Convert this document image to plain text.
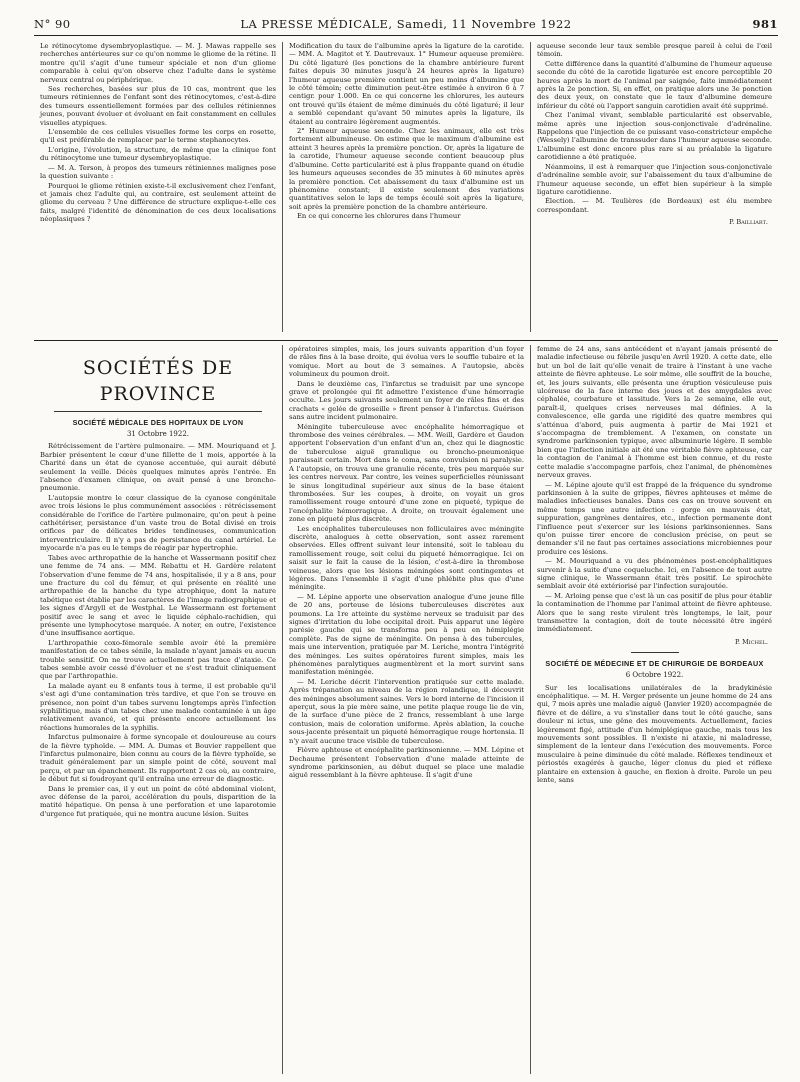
N° 90	LA PRESSE MÉDICALE, Samedi, 11 Novembre 1922	981

Le rétinocytome dysembryoplastique. — M. J. Mawas rappelle ses recherches antérieures sur ce qu'on nomme le gliome de la rétine. Il montre qu'il s'agit d'une tumeur spéciale et non d'un gliome comparable à celui qu'on observe chez l'adulte dans le système nerveux central ou périphérique.

Ses recherches, basées sur plus de 10 cas, montrent que les tumeurs rétiniennes de l'enfant sont des rétinocytomes, c'est-à-dire des tumeurs essentiellement formées par des cellules rétiniennes jeunes, pouvant évoluer et évoluant en fait constamment en cellules visuelles atypiques.

L'ensemble de ces cellules visuelles forme les corps en rosette, qu'il est préférable de remplacer par le terme stephanocytes.

L'origine, l'évolution, la structure, de même que la clinique font du rétinocytome une tumeur dysembryoplastique.

— M. A. Terson, à propos des tumeurs rétiniennes malignes pose la question suivante :

Pourquoi le gliome rétinien existe-t-il exclusivement chez l'enfant, et jamais chez l'adulte qui, au contraire, est seulement atteint de gliome du cerveau ? Une différence de structure explique-t-elle ces faits, malgré l'identité de dénomination de ces deux localisations néoplasiques ?

Modification du taux de l'albumine après la ligature de la carotide. — MM. A. Magitot et Y. Dautrevaux. 1° Humeur aqueuse première. Du côté ligaturé (les ponctions de la chambre antérieure furent faites depuis 30 minutes jusqu'à 24 heures après la ligature) l'humeur aqueuse première contient un peu moins d'albumine que le côté témoin; cette diminution peut-être estimée à environ 6 à 7 centigr. pour 1.000. En ce qui concerne les chlorures, les auteurs ont trouvé qu'ils étaient de même diminués du côté ligaturé; il leur a semblé cependant qu'avant 50 minutes après la ligature, ils étaient au contraire légèrement augmentés.

2° Humeur aqueuse seconde. Chez les animaux, elle est très fortement albumineuse. On estime que le maximum d'albumine est atteint 3 heures après la première ponction. Or, après la ligature de la carotide, l'humeur aqueuse seconde contient beaucoup plus d'albumine. Cette particularité est à plus frappante quand on étudie les humeurs aqueuses secondes de 35 minutes à 60 minutes après la première ponction. Cet abaissement du taux d'albumine est un phénomène constant; il existe seulement des variations quantitatives selon le laps de temps écoulé soit après la ligature, soit après la première ponction de la chambre antérieure.

En ce qui concerne les chlorures dans l'humeur

aqueuse seconde leur taux semble presque pareil à celui de l'œil témoin.

Cette différence dans la quantité d'albumine de l'humeur aqueuse seconde du côté de la carotide ligaturée est encore perceptible 20 heures après la mort de l'animal par saignée, faite immédiatement après la 2e ponction. Si, en effet, on pratique alors une 3e ponction des deux yeux, on constate que le taux d'albumine demeure inférieur du côté où l'apport sanguin carotidien avait été supprimé.

Chez l'animal vivant, semblable particularité est observable, même après une injection sous-conjonctivale d'adrénaline. Rappelons que l'injection de ce puissant vaso-constricteur empêche (Wessely) l'albumine de transsuder dans l'humeur aqueuse seconde. L'albumine est donc encore plus rare si au préalable la ligature carotidienne a été pratiquée.

Néanmoins, il est à remarquer que l'injection sous-conjonctivale d'adrénaline semble avoir, sur l'abaissement du taux d'albumine de l'humeur aqueuse seconde, un effet bien supérieur à la simple ligature carotidienne.

Élection. — M. Teulières (de Bordeaux) est élu membre correspondant.

P. Bailliart.
SOCIÉTÉS DE PROVINCE
SOCIÉTÉ MÉDICALE DES HOPITAUX DE LYON
31 Octobre 1922.

Rétrécissement de l'artère pulmonaire. — MM. Mouriquand et J. Barbier présentent le cœur d'une fillette de 1 mois, apportée à la Charité dans un état de cyanose accentuée, qui aurait débuté seulement la veille. Décès quelques minutes après l'entrée. En l'absence d'examen clinique, on avait pensé à une broncho-pneumonie.

L'autopsie montre le cœur classique de la cyanose congénitale avec trois lésions le plus communément associées : rétrécissement considérable de l'orifice de l'artère pulmonaire, qu'on peut à peine cathétériser, persistance d'un vaste trou de Botal divisé en trois orifices par de délicates brides tendineuses, communication interventriculaire. Il n'y a pas de persistance du canal artériel. Le myocarde n'a pas eu le temps de réagir par hypertrophie.

Tabes avec arthropathie de la hanche et Wassermann positif chez une femme de 74 ans. — MM. Rebattu et H. Gardère relatent l'observation d'une femme de 74 ans, hospitalisée, il y a 8 ans, pour une fracture du col du fémur, et qui présente en réalité une arthropathie de la hanche du type atrophique, dont la nature tabétique est établie par les caractères de l'image radiographique et les signes d'Argyll et de Westphal. Le Wassermann est fortement positif avec le sang et avec le liquide céphalo-rachidien, qui présente une lymphocytose marquée. A noter, en outre, l'existence d'une insuffisance aortique.

L'arthropathie coxo-fémorale semble avoir été la première manifestation de ce tabes sénile, la malade n'ayant jamais eu aucun trouble sensitif. On ne trouve actuellement pas trace d'ataxie. Ce tabes semble avoir cessé d'évoluer et ne s'est traduit cliniquement que par l'arthropathie.

La malade ayant eu 8 enfants tous à terme, il est probable qu'il s'est agi d'une contamination très tardive, et que l'on se trouve en présence, non point d'un tabes survenu longtemps après l'infection syphilitique, mais d'un tabes chez une malade contaminée à un âge relativement avancé, et qui présente encore actuellement les réactions humorales de la syphilis.

Infarctus pulmonaire à forme syncopale et douloureuse au cours de la fièvre typhoïde. — MM. A. Dumas et Bouvier rappellent que l'infarctus pulmonaire, bien connu au cours de la fièvre typhoïde, se traduit généralement par un simple point de côté, souvent mal perçu, et par un épanchement. Ils rapportent 2 cas où, au contraire, le début fut si foudroyant qu'il entraîna une erreur de diagnostic.

Dans le premier cas, il y eut un point de côté abdominal violent, avec défense de la paroi, accélération du pouls, disparition de la matité hépatique. On pensa à une perforation et une laparotomie d'urgence fut pratiquée, qui ne montra aucune lésion. Suites

opératoires simples, mais, les jours suivants apparition d'un foyer de râles fins à la base droite, qui évolua vers le souffle tubaire et la vomique. Mort au bout de 3 semaines. A l'autopsie, abcès volumineux du poumon droit.

Dans le deuxième cas, l'infarctus se traduisit par une syncope grave et prolongée qui fit admettre l'existence d'une hémorragie occulte. Les jours suivants seulement un foyer de râles fins et des crachats « gelée de groseille » firent penser à l'infarctus. Guérison sans autre incident pulmonaire.

Méningite tuberculeuse avec encéphalite hémorragique et thrombose des veines cérébrales. — MM. Weill, Gardère et Gaudon apportent l'observation d'un enfant d'un an, chez qui le diagnostic de tuberculose aiguë granulique ou broncho-pneumonique paraissait certain. Mort dans le coma, sans convulsion ni paralysie. A l'autopsie, on trouva une granulie récente, très peu marquée sur les centres nerveux. Par contre, les veines superficielles réunissant le sinus longitudinal supérieur aux sinus de la base étaient thrombosées. Sur les coupes, à droite, on voyait un gros ramollissement rouge entouré d'une zone en piqueté, typique de l'encéphalite hémorragique. A droite, on trouvait également une zone en piqueté plus discrète.

Les encéphalites tuberculeuses non folliculaires avec méningite discrète, analogues à cette observation, sont assez rarement observées. Elles offrent suivant leur intensité, soit le tableau du ramollissement rouge, soit celui du piqueté hémorragique. Ici on saisit sur le fait la cause de la lésion, c'est-à-dire la thrombose veineuse, alors que les lésions méningées sont contingentes et légères. Dans l'ensemble il s'agit d'une phlébite plus que d'une méningite.

— M. Lépine apporte une observation analogue d'une jeune fille de 20 ans, porteuse de lésions tuberculeuses discrètes aux poumons. La 1re atteinte du système nerveux se traduisit par des signes d'irritation du lobe occipital droit. Puis apparut une légère parésie gauche qui se transforma peu à peu en hémiplégie complète. Pas de signe de méningite. On pensa à des tubercules, mais une intervention, pratiquée par M. Leriche, montra l'intégrité des méninges. Les suites opératoires furent simples, mais les phénomènes paralytiques augmentèrent et la mort survint sans manifestation méningée.

— M. Leriche décrit l'intervention pratiquée sur cette malade. Après trépanation au niveau de la région rolandique, il découvrit des méninges absolument saines. Vers le bord interne de l'incision il aperçut, sous la pie mère saine, une petite plaque rouge lie de vin, de la surface d'une pièce de 2 francs, ressemblant à une large contusion, mais de coloration uniforme. Après ablation, la couche sous-jacente présentait un piqueté hémorragique rouge hortensia. Il n'y avait aucune trace visible de tuberculose.

Fièvre aphteuse et encéphalite parkinsonienne. — MM. Lépine et Dechaume présentent l'observation d'une malade atteinte de syndrome parkinsonien, au début duquel se place une maladie aiguë ressemblant à la fièvre aphteuse. Il s'agit d'une

femme de 24 ans, sans antécédent et n'ayant jamais présenté de maladie infectieuse ou fébrile jusqu'en Avril 1920. A cette date, elle but un bol de lait qu'elle venait de traire à l'instant à une vache atteinte de fièvre aphteuse. Le soir même, elle souffrit de la bouche, et, les jours suivants, elle présenta une éruption vésiculeuse puis ulcéreuse de la face interne des joues et des amygdales avec céphalée, courbature et lassitude. Vers la 2e semaine, elle eut, paraît-il, quelques crises nerveuses mal définies. A la convalescence, elle garda une rigidité des quatre membres qui s'atténua d'abord, puis augmenta à partir de Mai 1921 et s'accompagna de tremblement. A l'examen, on constate un syndrome parkinsonien typique, avec albuminurie légère. Il semble bien que l'infection initiale ait été une véritable fièvre aphteuse, car la contagion de l'animal à l'homme est bien connue, et du reste cette maladie s'accompagne parfois, chez l'animal, de phénomènes nerveux graves.

— M. Lépine ajoute qu'il est frappé de la fréquence du syndrome parkinsonien à la suite de grippes, fièvres aphteuses et même de maladies infectieuses banales. Dans ces cas on trouve souvent en même temps une autre infection : gorge en mauvais état, suppuration, gangrènes dentaires, etc., infection permanente dont l'influence peut s'exercer sur les lésions parkinsoniennes. Sans qu'on puisse tirer encore de conclusion précise, on peut se demander s'il ne faut pas certaines associations microbiennes pour produire ces lésions.

— M. Mouriquand a vu des phénomènes post-encéphalitiques survenir à la suite d'une coqueluche. Ici, en l'absence de tout autre signe clinique, le Wassermann était très positif. Le spirochète semblait avoir été extériorisé par l'infection surajoutée.

— M. Arloing pense que c'est là un cas positif de plus pour établir la contamination de l'homme par l'animal atteint de fièvre aphteuse. Alors que le sang reste virulent très longtemps, le lait, pour transmettre la contagion, doit de toute nécessité être ingéré immédiatement.

P. Michel.
SOCIÉTÉ DE MÉDECINE ET DE CHIRURGIE DE BORDEAUX
6 Octobre 1922.

Sur les localisations unilatérales de la bradykinésie encéphalitique. — M. H. Verger présente un jeune homme de 24 ans qui, 7 mois après une maladie aiguë (Janvier 1920) accompagnée de fièvre et de délire, a vu s'installer dans tout le côté gauche, sans douleur ni ictus, une gêne des mouvements. Actuellement, facies légèrement figé, attitude d'un hémiplégique gauche, mais tous les mouvements sont possibles. Il n'existe ni ataxie, ni maladresse, simplement de la lenteur dans l'exécution des mouvements. Force musculaire à peine diminuée du côté malade. Réflexes tendineux et périostés exagérés à gauche, léger clonus du pied et réflexe plantaire en extension à gauche, en flexion à droite. Parole un peu lente, sans
